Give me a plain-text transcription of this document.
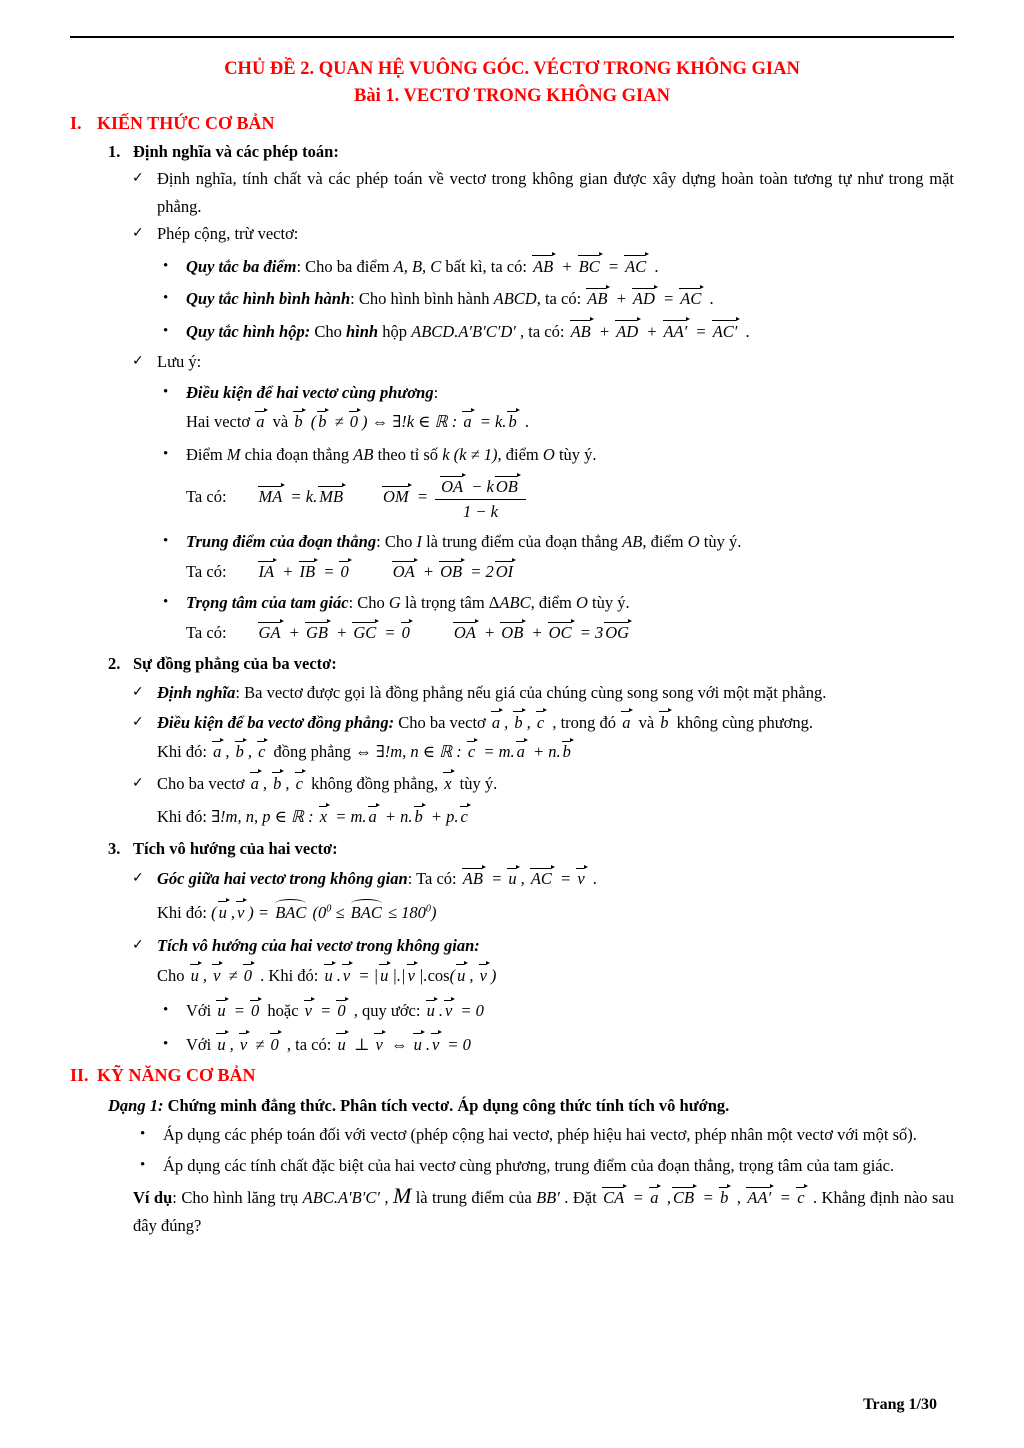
CHỦ ĐỀ 2. QUAN HỆ VUÔNG GÓC. VÉCTƠ TRONG KHÔNG GIAN
Bài 1. VECTƠ TRONG KHÔNG GIAN
I. KIẾN THỨC CƠ BẢN
1. Định nghĩa và các phép toán:
✓ Định nghĩa, tính chất và các phép toán về vectơ trong không gian được xây dựng hoàn toàn tương tự như trong mặt phẳng.
✓ Phép cộng, trừ vectơ:
•	Quy tắc ba điểm: Cho ba điểm A, B, C bất kì, ta có: AB + BC = AC .
•	Quy tắc hình bình hành: Cho hình bình hành ABCD, ta có: AB + AD = AC .
•	Quy tắc hình hộp: Cho hình hộp ABCD.A′B′C′D′ , ta có: AB + AD + AA′ = AC′ .
✓ Lưu ý:
•	Điều kiện để hai vectơ cùng phương:
Hai vectơ a và b ( b ≠ 0 ) ⇔ ∃!k ∈ ℝ : a = k. b .
•	Điểm M chia đoạn thẳng AB theo tỉ số k (k ≠ 1), điểm O tùy ý.
Ta có: MA = k. MB OM = $\frac{\text{OA − k OB}}{1 - k}$
•	Trung điểm của đoạn thẳng: Cho I là trung điểm của đoạn thẳng AB, điểm O tùy ý.
Ta có: IA + IB = 0	OA + OB = 2 OI
•	Trọng tâm của tam giác: Cho G là trọng tâm ΔABC, điểm O tùy ý.
Ta có: GA + GB + GC = 0	OA + OB + OC = 3 OG
2. Sự đồng phẳng của ba vectơ:
✓ Định nghĩa: Ba vectơ được gọi là đồng phẳng nếu giá của chúng cùng song song với một mặt phẳng.
✓ Điều kiện để ba vectơ đồng phẳng: Cho ba vectơ a , b , c , trong đó a và b không cùng phương.
Khi đó: a , b , c đồng phẳng ⇔ ∃!m, n ∈ ℝ : c = m. a + n. b
✓ Cho ba vectơ a , b , c không đồng phẳng, x tùy ý.
Khi đó: ∃!m, n, p ∈ ℝ : x = m. a + n. b + p. c
3. Tích vô hướng của hai vectơ:
✓ Góc giữa hai vectơ trong không gian: Ta có: AB = u , AC = v .
Khi đó: ( u , v ) = BAC ($0^0$ ≤ BAC ≤ $180^0$)
✓ Tích vô hướng của hai vectơ trong không gian:
Cho u , v ≠ 0 . Khi đó: u . v = | u |.| v |.cos( u , v )
•	Với u = 0 hoặc v = 0 , quy ước: u . v = 0
•	Với u , v ≠ 0 , ta có: u ⊥ v ⇔ u . v = 0
II. KỸ NĂNG CƠ BẢN
Dạng 1: Chứng minh đẳng thức. Phân tích vectơ. Áp dụng công thức tính tích vô hướng.
•	Áp dụng các phép toán đối với vectơ (phép cộng hai vectơ, phép hiệu hai vectơ, phép nhân một vectơ với một số).
•	Áp dụng các tính chất đặc biệt của hai vectơ cùng phương, trung điểm của đoạn thẳng, trọng tâm của tam giác.
Ví dụ: Cho hình lăng trụ ABC.A′B′C′ , M là trung điểm của BB′ . Đặt CA = a , CB = b , AA′ = c . Khẳng định nào sau đây đúng?
Trang 1/30
